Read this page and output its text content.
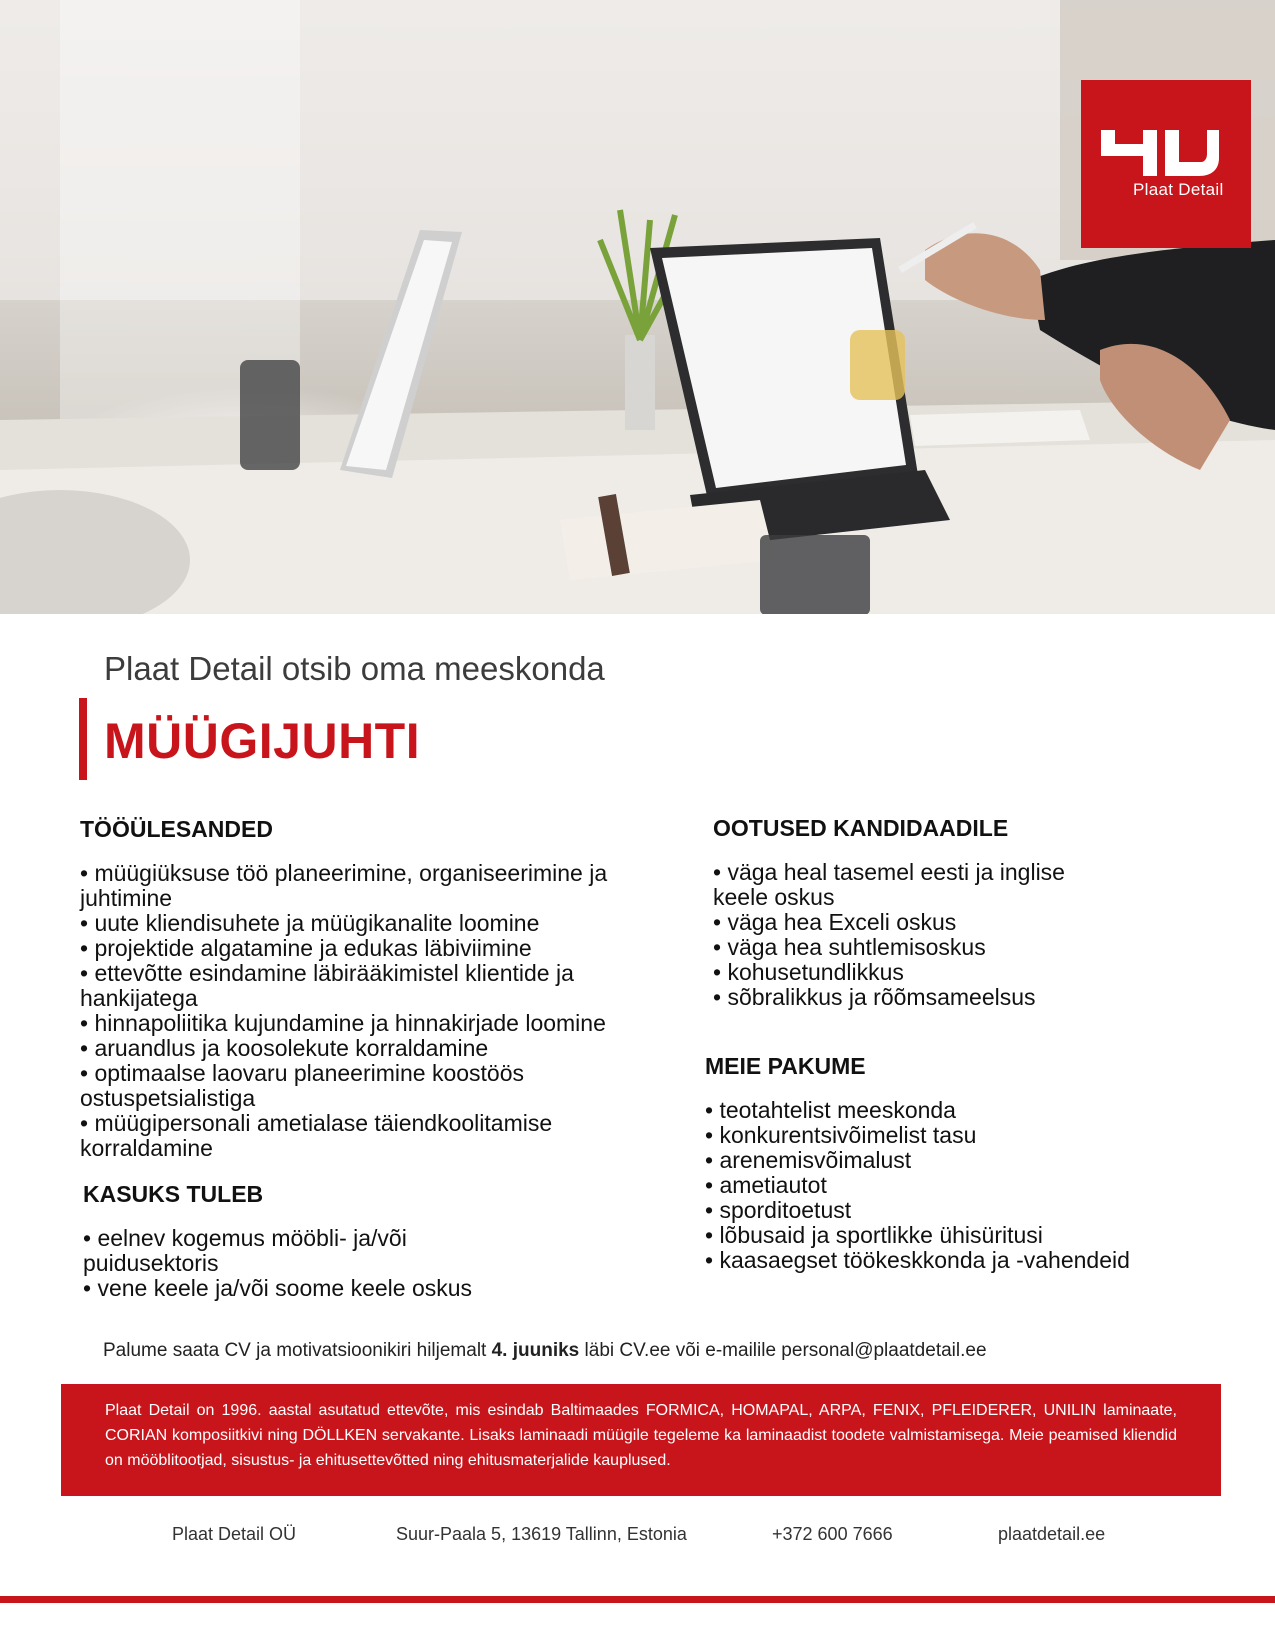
Plaat Detail
Plaat Detail otsib oma meeskonda
MÜÜGIJUHTI
TÖÖÜLESANDED
• müügiüksuse töö planeerimine, organiseerimine ja juhtimine
• uute kliendisuhete ja müügikanalite loomine
• projektide algatamine ja edukas läbiviimine
• ettevõtte esindamine läbirääkimistel klientide ja hankijatega
• hinnapoliitika kujundamine ja hinnakirjade loomine
• aruandlus ja koosolekute korraldamine
• optimaalse laovaru planeerimine koostöös ostuspetsialistiga
• müügipersonali ametialase täiendkoolitamise korraldamine
KASUKS TULEB
• eelnev kogemus mööbli- ja/või puidusektoris
• vene keele ja/või soome keele oskus
OOTUSED KANDIDAADILE
• väga heal tasemel eesti ja inglise keele oskus
• väga hea Exceli oskus
• väga hea suhtlemisoskus
• kohusetundlikkus
• sõbralikkus ja rõõmsameelsus
MEIE PAKUME
• teotahtelist meeskonda
• konkurentsivõimelist tasu
• arenemisvõimalust
• ametiautot
• sporditoetust
• lõbusaid ja sportlikke ühisüritusi
• kaasaegset töökeskkonda ja -vahendeid
Palume saata CV ja motivatsioonikiri hiljemalt 4. juuniks läbi CV.ee või e-mailile personal@plaatdetail.ee
Plaat Detail on 1996. aastal asutatud ettevõte, mis esindab Baltimaades FORMICA, HOMAPAL, ARPA, FENIX, PFLEIDERER, UNILIN laminaate, CORIAN komposiitkivi ning DÖLLKEN servakante. Lisaks laminaadi müügile tegeleme ka laminaadist toodete valmistamisega. Meie peamised kliendid on mööblitootjad, sisustus- ja ehitusettevõtted ning ehitusmaterjalide kauplused.
Plaat Detail OÜ	Suur-Paala 5, 13619 Tallinn, Estonia	+372 600 7666	plaatdetail.ee
